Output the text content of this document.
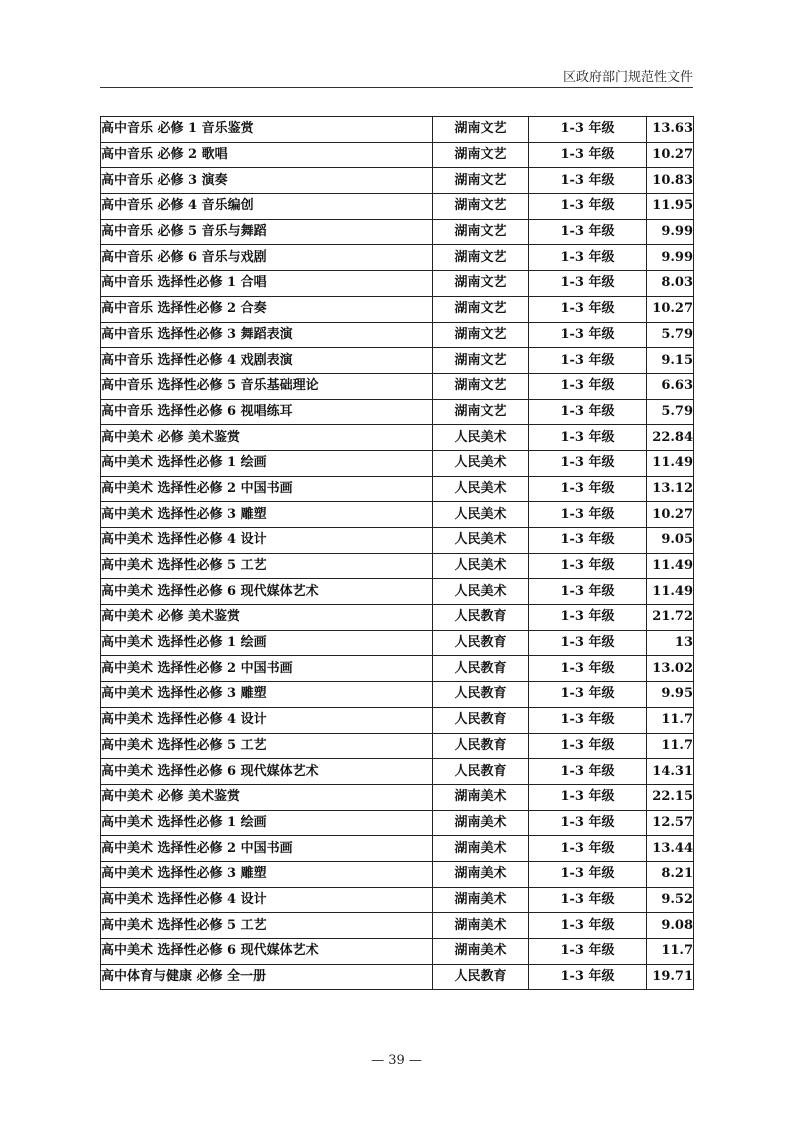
区政府部门规范性文件
高中音乐 必修 1 音乐鉴赏	湖南文艺	1-3 年级	13.63
高中音乐 必修 2 歌唱	湖南文艺	1-3 年级	10.27
高中音乐 必修 3 演奏	湖南文艺	1-3 年级	10.83
高中音乐 必修 4 音乐编创	湖南文艺	1-3 年级	11.95
高中音乐 必修 5 音乐与舞蹈	湖南文艺	1-3 年级	9.99
高中音乐 必修 6 音乐与戏剧	湖南文艺	1-3 年级	9.99
高中音乐 选择性必修 1 合唱	湖南文艺	1-3 年级	8.03
高中音乐 选择性必修 2 合奏	湖南文艺	1-3 年级	10.27
高中音乐 选择性必修 3 舞蹈表演	湖南文艺	1-3 年级	5.79
高中音乐 选择性必修 4 戏剧表演	湖南文艺	1-3 年级	9.15
高中音乐 选择性必修 5 音乐基础理论	湖南文艺	1-3 年级	6.63
高中音乐 选择性必修 6 视唱练耳	湖南文艺	1-3 年级	5.79
高中美术 必修 美术鉴赏	人民美术	1-3 年级	22.84
高中美术 选择性必修 1 绘画	人民美术	1-3 年级	11.49
高中美术 选择性必修 2 中国书画	人民美术	1-3 年级	13.12
高中美术 选择性必修 3 雕塑	人民美术	1-3 年级	10.27
高中美术 选择性必修 4 设计	人民美术	1-3 年级	9.05
高中美术 选择性必修 5 工艺	人民美术	1-3 年级	11.49
高中美术 选择性必修 6 现代媒体艺术	人民美术	1-3 年级	11.49
高中美术 必修 美术鉴赏	人民教育	1-3 年级	21.72
高中美术 选择性必修 1 绘画	人民教育	1-3 年级	13
高中美术 选择性必修 2 中国书画	人民教育	1-3 年级	13.02
高中美术 选择性必修 3 雕塑	人民教育	1-3 年级	9.95
高中美术 选择性必修 4 设计	人民教育	1-3 年级	11.7
高中美术 选择性必修 5 工艺	人民教育	1-3 年级	11.7
高中美术 选择性必修 6 现代媒体艺术	人民教育	1-3 年级	14.31
高中美术 必修 美术鉴赏	湖南美术	1-3 年级	22.15
高中美术 选择性必修 1 绘画	湖南美术	1-3 年级	12.57
高中美术 选择性必修 2 中国书画	湖南美术	1-3 年级	13.44
高中美术 选择性必修 3 雕塑	湖南美术	1-3 年级	8.21
高中美术 选择性必修 4 设计	湖南美术	1-3 年级	9.52
高中美术 选择性必修 5 工艺	湖南美术	1-3 年级	9.08
高中美术 选择性必修 6 现代媒体艺术	湖南美术	1-3 年级	11.7
高中体育与健康 必修 全一册	人民教育	1-3 年级	19.71
— 39 —
